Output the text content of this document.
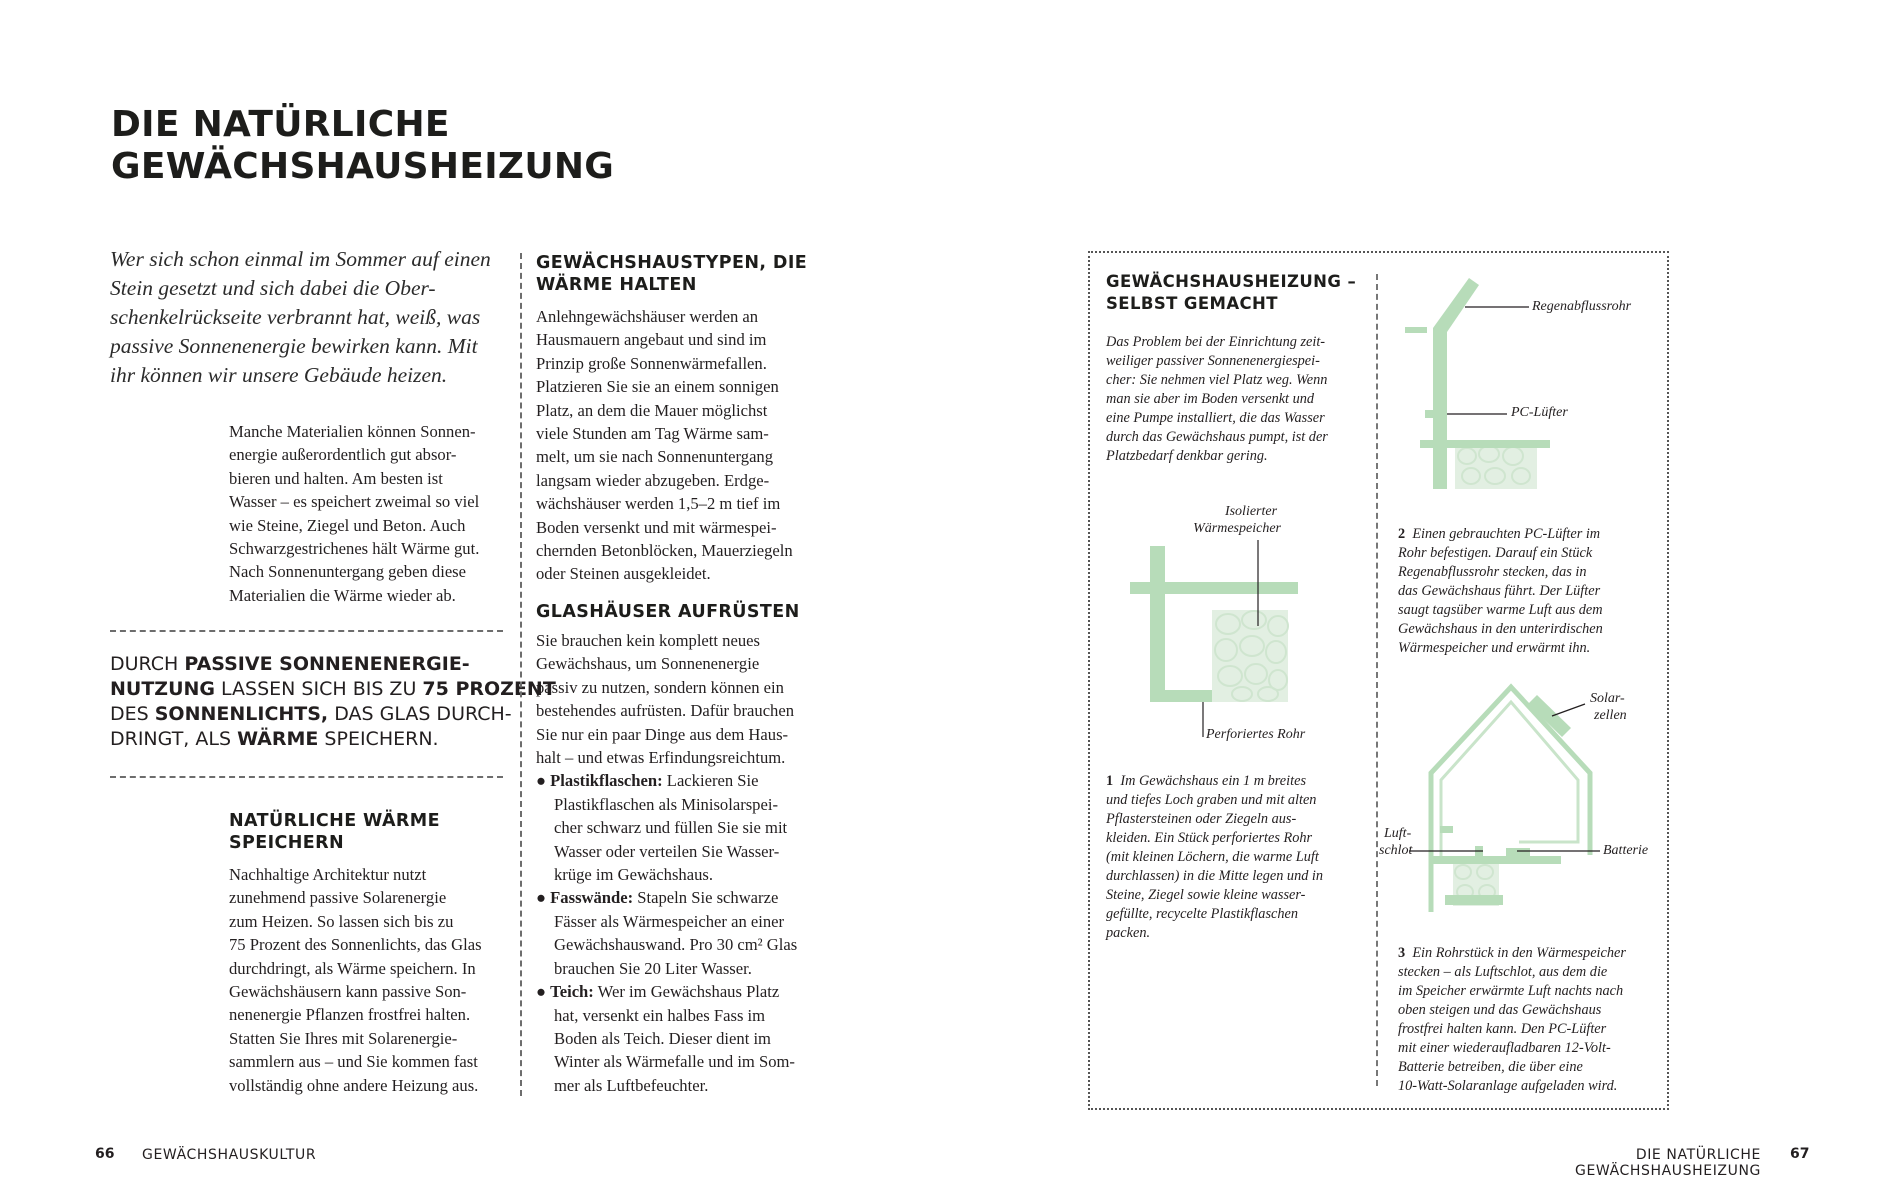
DIE NATÜRLICHE
GEWÄCHSHAUSHEIZUNG
Wer sich schon einmal im Sommer auf einen
Stein gesetzt und sich dabei die Ober-
schenkelrückseite verbrannt hat, weiß, was
passive Sonnenenergie bewirken kann. Mit
ihr können wir unsere Gebäude heizen.
Manche Materialien können Sonnen-
energie außerordentlich gut absor-
bieren und halten. Am besten ist
Wasser – es speichert zweimal so viel
wie Steine, Ziegel und Beton. Auch
Schwarzgestrichenes hält Wärme gut.
Nach Sonnenuntergang geben diese
Materialien die Wärme wieder ab.
DURCH PASSIVE SONNENENERGIE-
NUTZUNG LASSEN SICH BIS ZU 75 PROZENT
DES SONNENLICHTS, DAS GLAS DURCH-
DRINGT, ALS WÄRME SPEICHERN.
NATÜRLICHE WÄRME
SPEICHERN
Nachhaltige Architektur nutzt
zunehmend passive Solarenergie
zum Heizen. So lassen sich bis zu
75 Prozent des Sonnenlichts, das Glas
durchdringt, als Wärme speichern. In
Gewächshäusern kann passive Son-
nenenergie Pflanzen frostfrei halten.
Statten Sie Ihres mit Solarenergie-
sammlern aus – und Sie kommen fast
vollständig ohne andere Heizung aus.
GEWÄCHSHAUSTYPEN, DIE
WÄRME HALTEN
Anlehngewächshäuser werden an
Hausmauern angebaut und sind im
Prinzip große Sonnenwärmefallen.
Platzieren Sie sie an einem sonnigen
Platz, an dem die Mauer möglichst
viele Stunden am Tag Wärme sam-
melt, um sie nach Sonnenuntergang
langsam wieder abzugeben. Erdge-
wächshäuser werden 1,5–2 m tief im
Boden versenkt und mit wärmespei-
chernden Betonblöcken, Mauerziegeln
oder Steinen ausgekleidet.
GLASHÄUSER AUFRÜSTEN
Sie brauchen kein komplett neues
Gewächshaus, um Sonnenenergie
passiv zu nutzen, sondern können ein
bestehendes aufrüsten. Dafür brauchen
Sie nur ein paar Dinge aus dem Haus-
halt – und etwas Erfindungsreichtum.
● Plastikflaschen: Lackieren Sie
Plastikflaschen als Minisolarspei-
cher schwarz und füllen Sie sie mit
Wasser oder verteilen Sie Wasser-
krüge im Gewächshaus.
● Fasswände: Stapeln Sie schwarze
Fässer als Wärmespeicher an einer
Gewächshauswand. Pro 30 cm² Glas
brauchen Sie 20 Liter Wasser.
● Teich: Wer im Gewächshaus Platz
hat, versenkt ein halbes Fass im
Boden als Teich. Dieser dient im
Winter als Wärmefalle und im Som-
mer als Luftbefeuchter.
GEWÄCHSHAUSHEIZUNG –
SELBST GEMACHT
Das Problem bei der Einrichtung zeit-
weiliger passiver Sonnenenergiespei-
cher: Sie nehmen viel Platz weg. Wenn
man sie aber im Boden versenkt und
eine Pumpe installiert, die das Wasser
durch das Gewächshaus pumpt, ist der
Platzbedarf denkbar gering.
Isolierter
Wärmespeicher
Perforiertes Rohr
1 Im Gewächshaus ein 1 m breites
und tiefes Loch graben und mit alten
Pflastersteinen oder Ziegeln aus-
kleiden. Ein Stück perforiertes Rohr
(mit kleinen Löchern, die warme Luft
durchlassen) in die Mitte legen und in
Steine, Ziegel sowie kleine wasser-
gefüllte, recycelte Plastikflaschen
packen.
Regenabflussrohr
PC-Lüfter
2 Einen gebrauchten PC-Lüfter im
Rohr befestigen. Darauf ein Stück
Regenabflussrohr stecken, das in
das Gewächshaus führt. Der Lüfter
saugt tagsüber warme Luft aus dem
Gewächshaus in den unterirdischen
Wärmespeicher und erwärmt ihn.
Solar-
zellen
Luft-
schlot	Batterie
3 Ein Rohrstück in den Wärmespeicher
stecken – als Luftschlot, aus dem die
im Speicher erwärmte Luft nachts nach
oben steigen und das Gewächshaus
frostfrei halten kann. Den PC-Lüfter
mit einer wiederaufladbaren 12-Volt-
Batterie betreiben, die über eine
10-Watt-Solaranlage aufgeladen wird.
66 GEWÄCHSHAUSKULTUR	DIE NATÜRLICHE GEWÄCHSHAUSHEIZUNG
67
